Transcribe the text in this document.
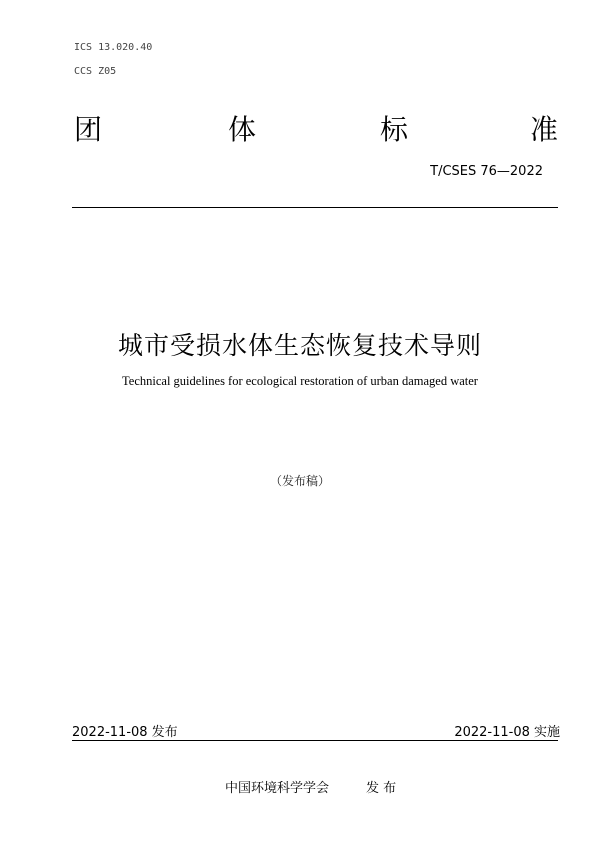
ICS 13.020.40
CCS Z05
团	体	标	准
T/CSES 76—2022
城市受损水体生态恢复技术导则
Technical guidelines for ecological restoration of urban damaged water
（发布稿）
2022-11-08 发布	2022-11-08 实施
中国环境科学学会	发 布
